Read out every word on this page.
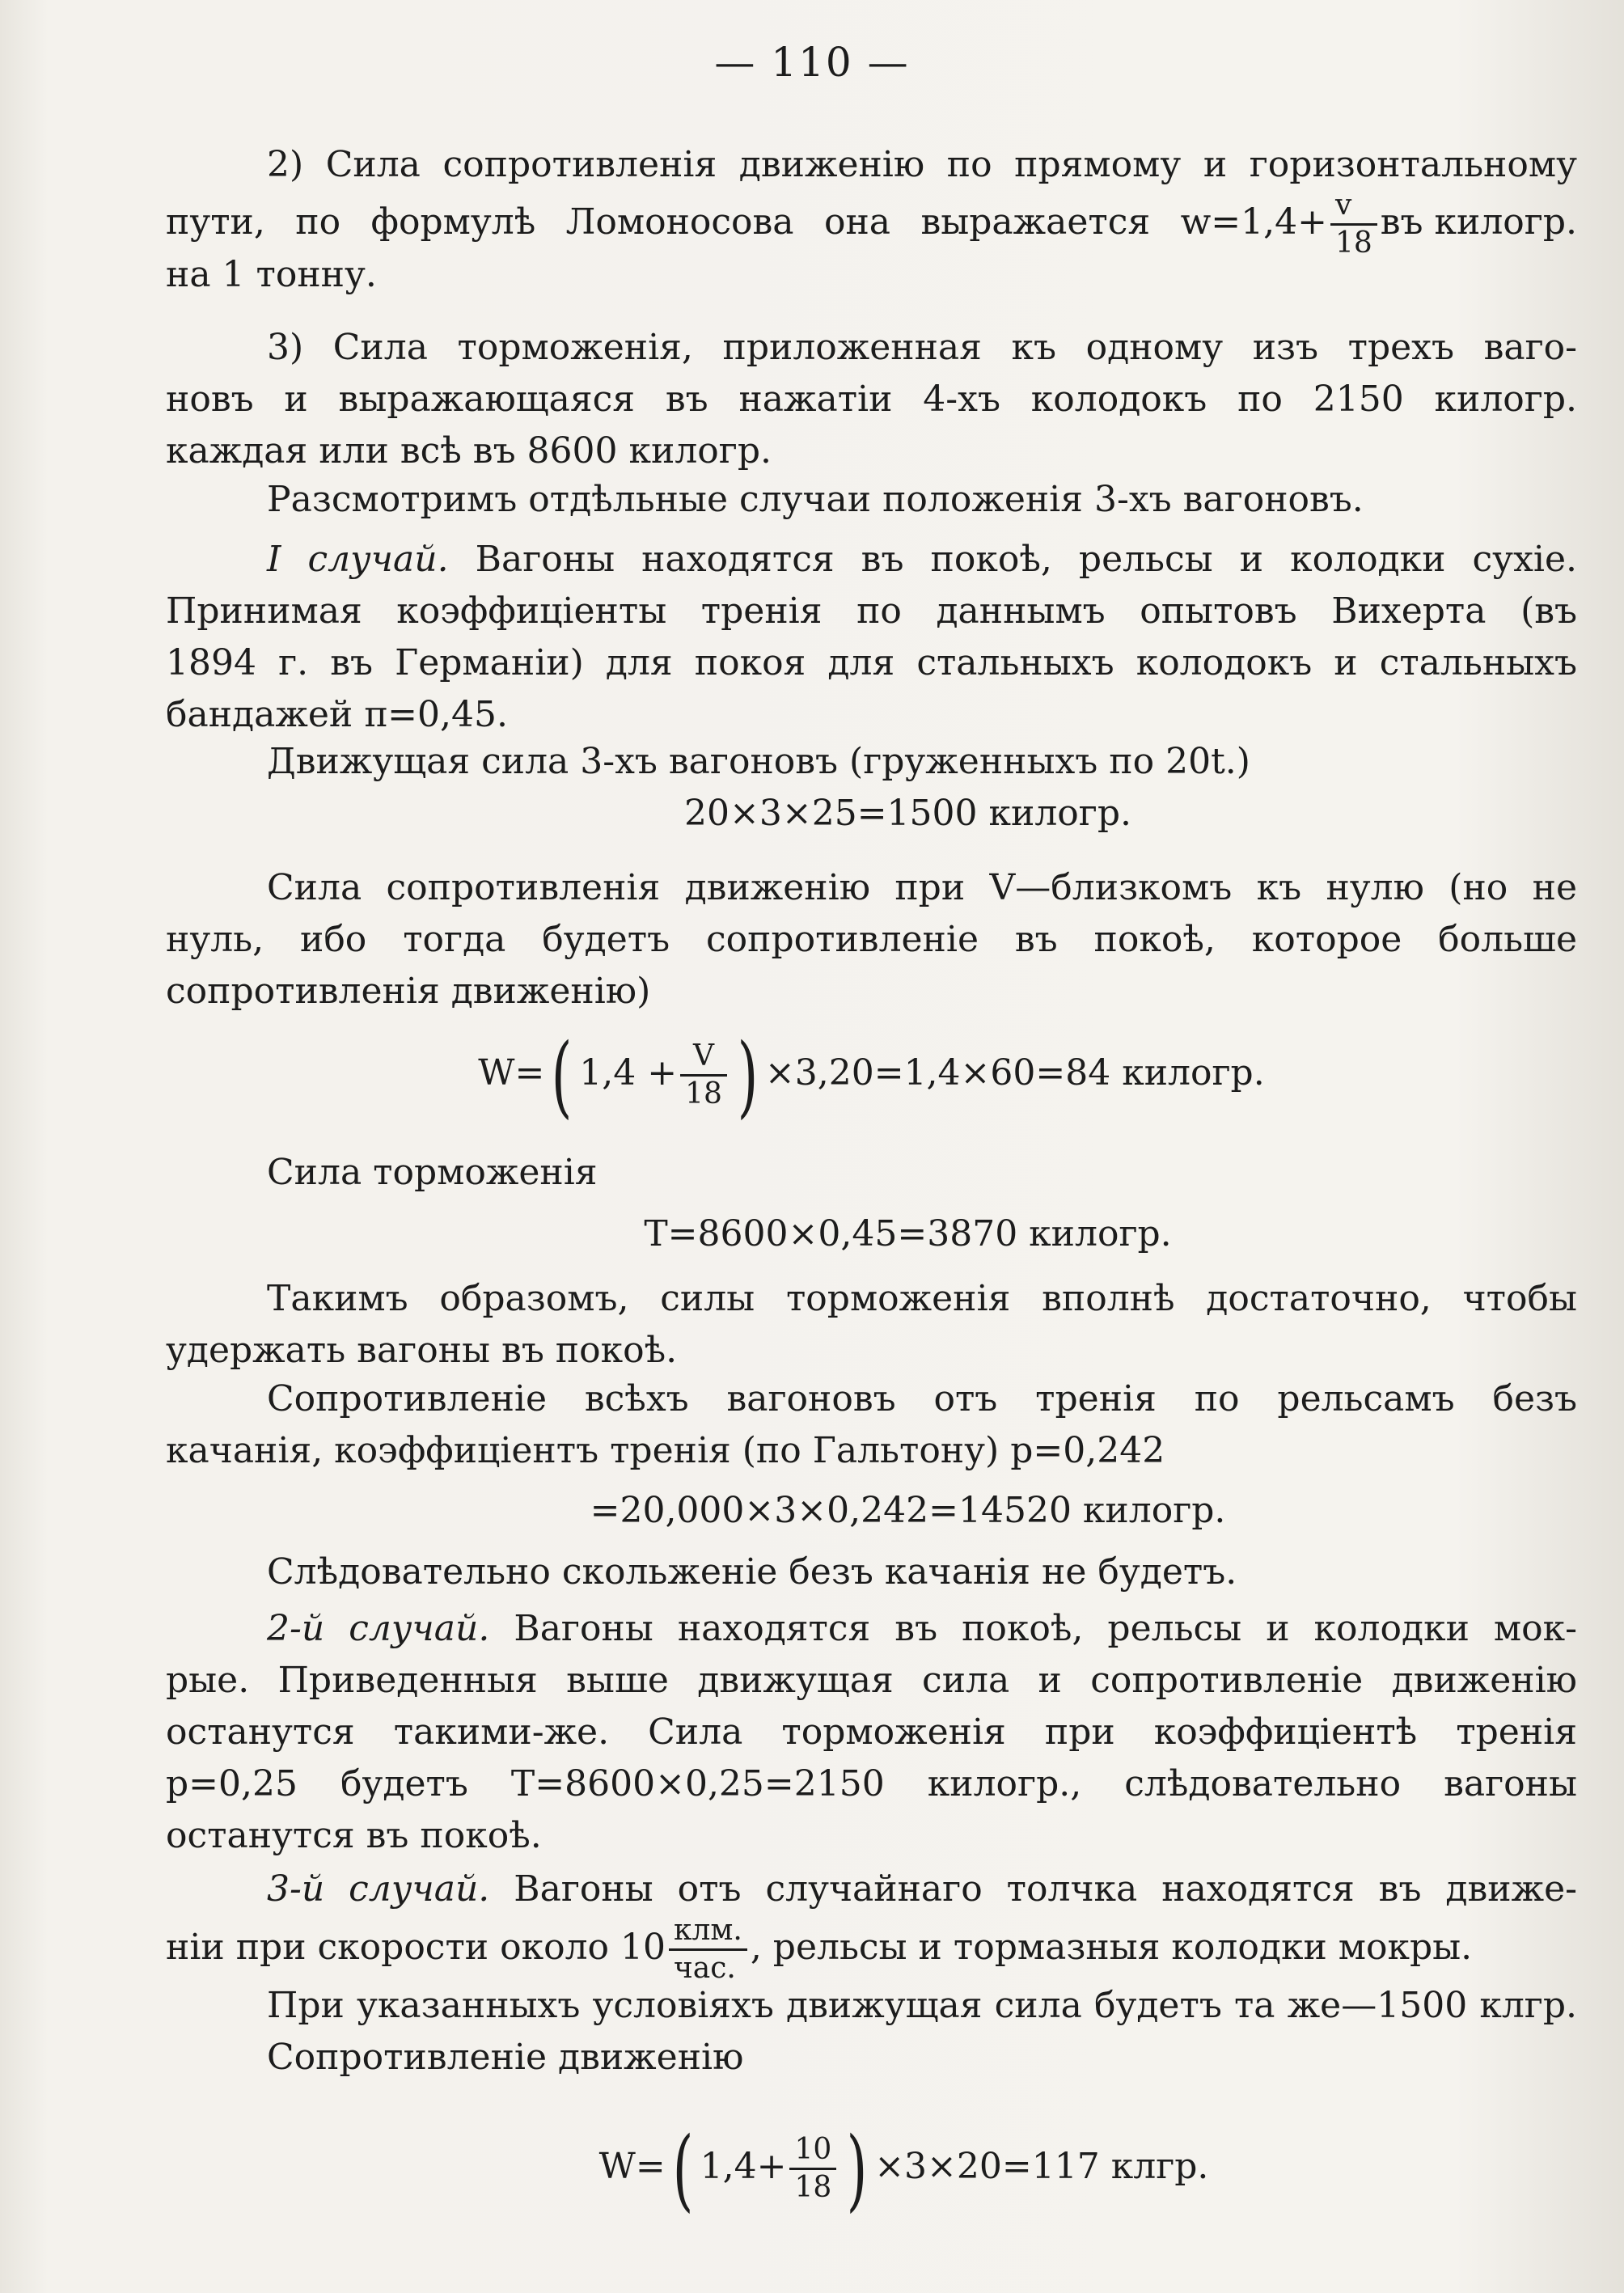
— 110 —

2) Сила сопротивленія движенію по прямому и горизонтальному

пути, по формулѣ Ломоносова она выражается $w=1,4+ \frac{v}{18}$ въ килогр.

на 1 тонну.

3) Сила торможенія, приложенная къ одному изъ трехъ ваго-

новъ и выражающаяся въ нажатіи 4-хъ колодокъ по 2150 килогр.

каждая или всѣ въ 8600 килогр.

Разсмотримъ отдѣльные случаи положенія 3-хъ вагоновъ.

I случай. Вагоны находятся въ покоѣ, рельсы и колодки сухіе.

Принимая коэффиціенты тренія по даннымъ опытовъ Вихерта (въ

1894 г. въ Германіи) для покоя для стальныхъ колодокъ и стальныхъ

бандажей π=0,45.

Движущая сила 3-хъ вагоновъ (груженныхъ по 20t.)

20×3×25=1500 килогр.

Сила сопротивленія движенію при V—близкомъ къ нулю (но не

нуль, ибо тогда будетъ сопротивленіе въ покоѣ, которое больше

сопротивленія движенію)

W=( $1,4 + \frac{V}{18}$ ) ×3,20=1,4×60=84 килогр.

Сила торможенія

T=8600×0,45=3870 килогр.

Такимъ образомъ, силы торможенія вполнѣ достаточно, чтобы

удержать вагоны въ покоѣ.

Сопротивленіе всѣхъ вагоновъ отъ тренія по рельсамъ безъ

качанія, коэффиціентъ тренія (по Гальтону) p=0,242

=20,000×3×0,242=14520 килогр.

Слѣдовательно скольженіе безъ качанія не будетъ.

2-й случай. Вагоны находятся въ покоѣ, рельсы и колодки мок-

рые. Приведенныя выше движущая сила и сопротивленіе движенію

останутся такими-же. Сила торможенія при коэффиціентѣ тренія

p=0,25 будетъ T=8600×0,25=2150 килогр., слѣдовательно вагоны

останутся въ покоѣ.

3-й случай. Вагоны отъ случайнаго толчка находятся въ движе-

ніи при скорости около $10 \frac{\text{клм.}}{\text{час.}}$ , рельсы и тормазныя колодки мокры.

При указанныхъ условіяхъ движущая сила будетъ та же—1500 клгр.

Сопротивленіе движенію

W=( $1,4+ \frac{10}{18}$ ) ×3×20=117 клгр.
